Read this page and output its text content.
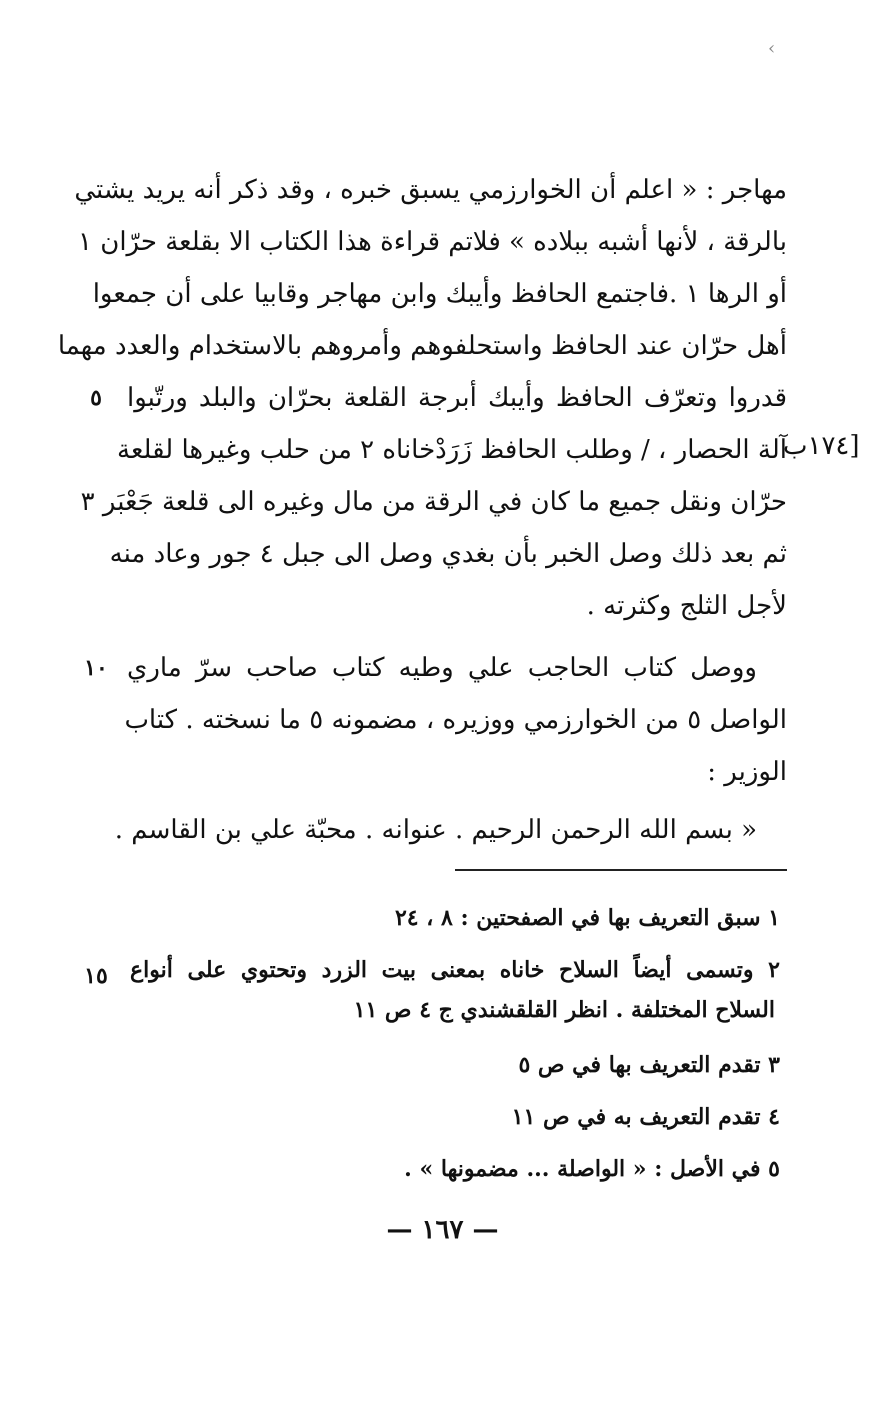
‹
مهاجر : « اعلم أن الخوارزمي يسبق خبره ، وقد ذكر أنه يريد يشتي
بالرقة ، لأنها أشبه ببلاده » فلاتم قراءة هذا الكتاب الا بقلعة حرّان ١
أو الرها ١ .فاجتمع الحافظ وأيبك وابن مهاجر وقابيا على أن جمعوا
أهل حرّان عند الحافظ واستحلفوهم وأمروهم بالاستخدام والعدد مهما
قدروا وتعرّف الحافظ وأيبك أبرجة القلعة بحرّان والبلد ورتّبوا
آلة الحصار ، / وطلب الحافظ زَرَدْخاناه ٢ من حلب وغيرها لقلعة
حرّان ونقل جميع ما كان في الرقة من مال وغيره الى قلعة جَعْبَر ٣
ثم بعد ذلك وصل الخبر بأن بغدي وصل الى جبل ٤ جور وعاد منه
لأجل الثلج وكثرته .
ووصل كتاب الحاجب علي وطيه كتاب صاحب سرّ ماري
الواصل ٥ من الخوارزمي ووزيره ، مضمونه ٥ ما نسخته . كتاب
الوزير :
« بسم الله الرحمن الرحيم . عنوانه . محبّة علي بن القاسم .
٥
١٠
١٥
[١٧٤ب
١ سبق التعريف بها في الصفحتين : ٨ ، ٢٤
٢ وتسمى أيضاً السلاح خاناه بمعنى بيت الزرد وتحتوي على أنواع
السلاح المختلفة . انظر القلقشندي ج ٤ ص ١١
٣ تقدم التعريف بها في ص ٥
٤ تقدم التعريف به في ص ١١
٥ في الأصل : « الواصلة ... مضمونها » .
— ١٦٧ —
